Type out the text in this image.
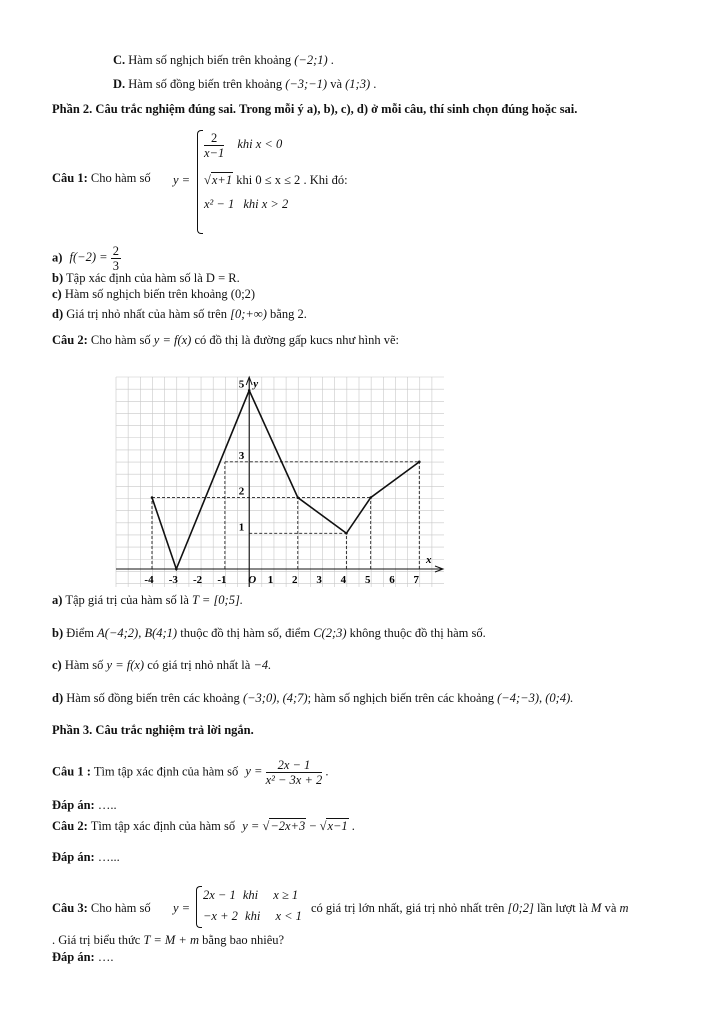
C. Hàm số nghịch biến trên khoảng (−2;1) .
D. Hàm số đồng biến trên khoảng (−3;−1) và (1;3) .
Phần 2. Câu trắc nghiệm đúng sai. Trong mỗi ý a), b), c), d) ở mỗi câu, thí sinh chọn đúng hoặc sai.
Câu 1: Cho hàm số y =
$\frac{2}{x-1}$ khi x < 0
√x+1 khi 0 ≤ x ≤ 2 . Khi đó:
x² − 1 khi x > 2
a) $f(-2) = \frac{2}{3}$
b) Tập xác định của hàm số là D = R.
c) Hàm số nghịch biến trên khoảng (0;2)
d) Giá trị nhỏ nhất của hàm số trên [0;+∞) bằng 2.
Câu 2: Cho hàm số y = f(x) có đồ thị là đường gấp kucs như hình vẽ:
y
x
-4 -3 -2 -1 O 1 2 3 4 5 6 7
1
2
3
5
a) Tập giá trị của hàm số là T = [0;5].
b) Điểm A(−4;2), B(4;1) thuộc đồ thị hàm số, điểm C(2;3) không thuộc đồ thị hàm số.
c) Hàm số y = f(x) có giá trị nhỏ nhất là −4.
d) Hàm số đồng biến trên các khoảng (−3;0), (4;7); hàm số nghịch biến trên các khoảng (−4;−3), (0;4).
Phần 3. Câu trắc nghiệm trả lời ngắn.
Câu 1 : Tìm tập xác định của hàm số $y = \frac{2x - 1}{\text{x² − 3x + 2}}$ .
Đáp án: …..
Câu 2: Tìm tập xác định của hàm số y = √−2x+3 − √x−1 .
Đáp án: …...
Câu 3: Cho hàm số y =
2x − 1 khi x ≥ 1
−x + 2 khi x < 1
có giá trị lớn nhất, giá trị nhỏ nhất trên [0;2] lần lượt là M và m
. Giá trị biểu thức T = M + m bằng bao nhiêu?
Đáp án: ….
